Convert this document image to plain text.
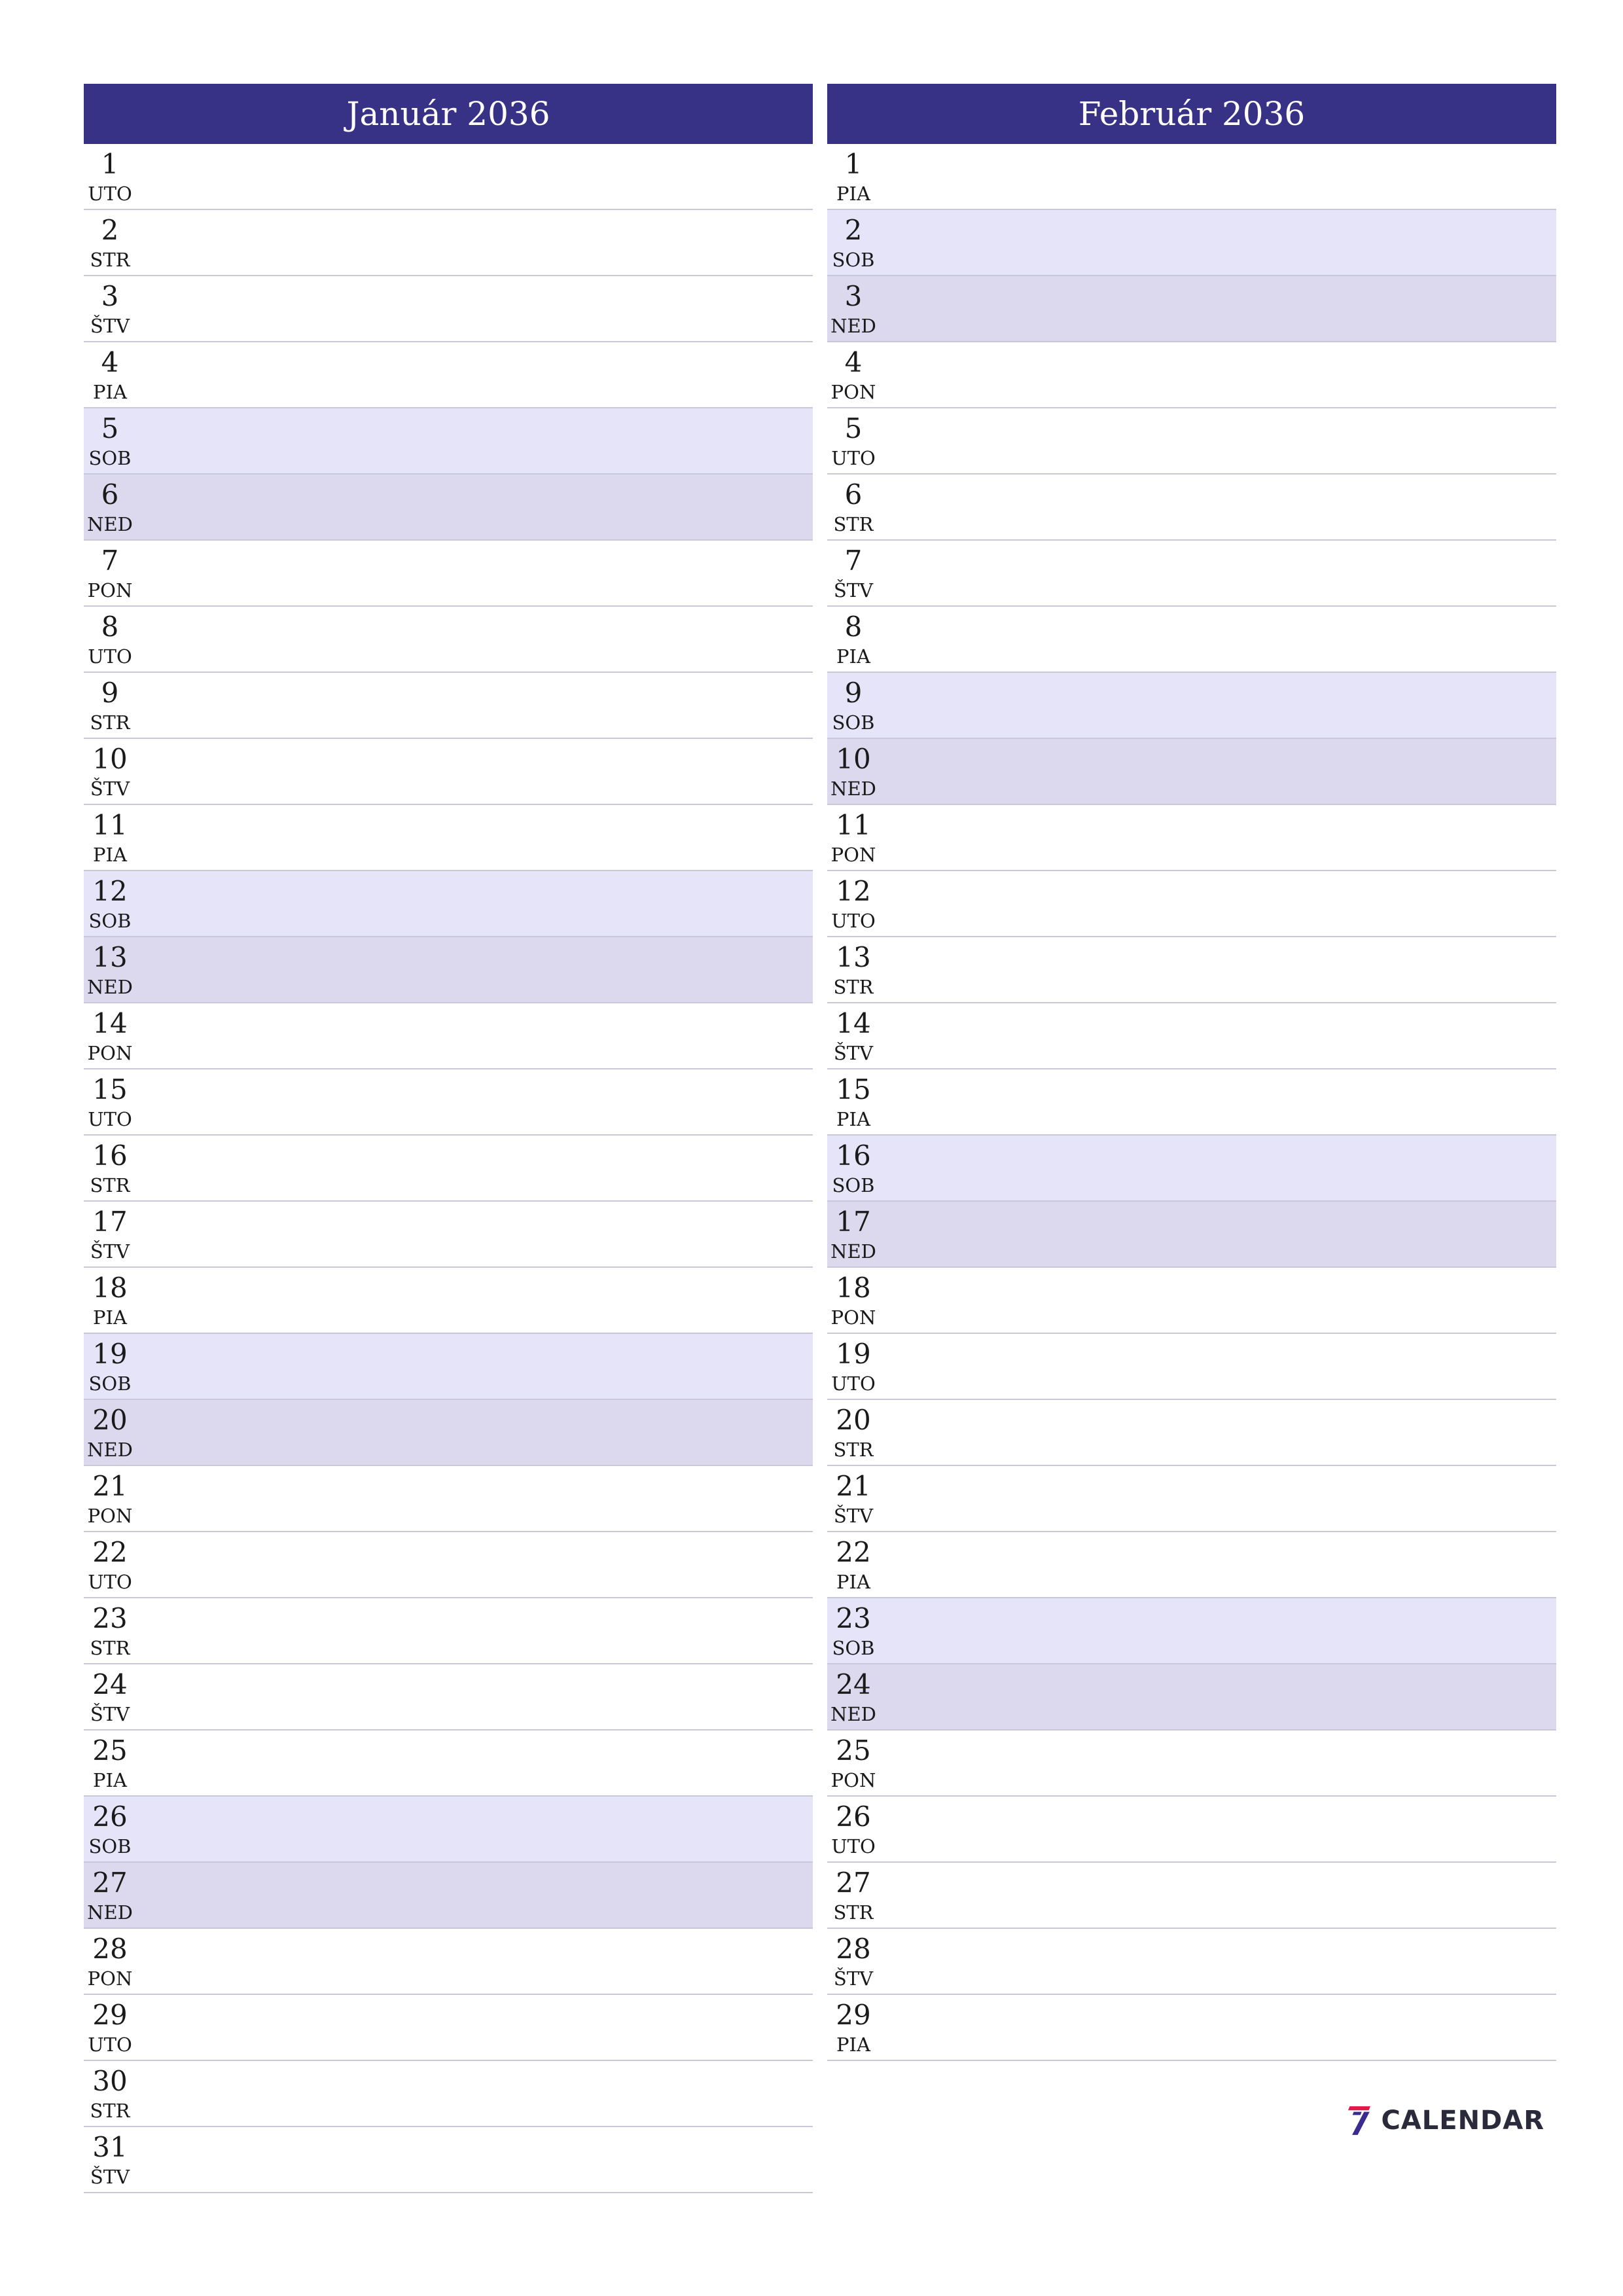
Január 2036
1
UTO
2
STR
3
ŠTV
4
PIA
5
SOB
6
NED
7
PON
8
UTO
9
STR
10
ŠTV
11
PIA
12
SOB
13
NED
14
PON
15
UTO
16
STR
17
ŠTV
18
PIA
19
SOB
20
NED
21
PON
22
UTO
23
STR
24
ŠTV
25
PIA
26
SOB
27
NED
28
PON
29
UTO
30
STR
31
ŠTV
Február 2036
1
PIA
2
SOB
3
NED
4
PON
5
UTO
6
STR
7
ŠTV
8
PIA
9
SOB
10
NED
11
PON
12
UTO
13
STR
14
ŠTV
15
PIA
16
SOB
17
NED
18
PON
19
UTO
20
STR
21
ŠTV
22
PIA
23
SOB
24
NED
25
PON
26
UTO
27
STR
28
ŠTV
29
PIA
CALENDAR
